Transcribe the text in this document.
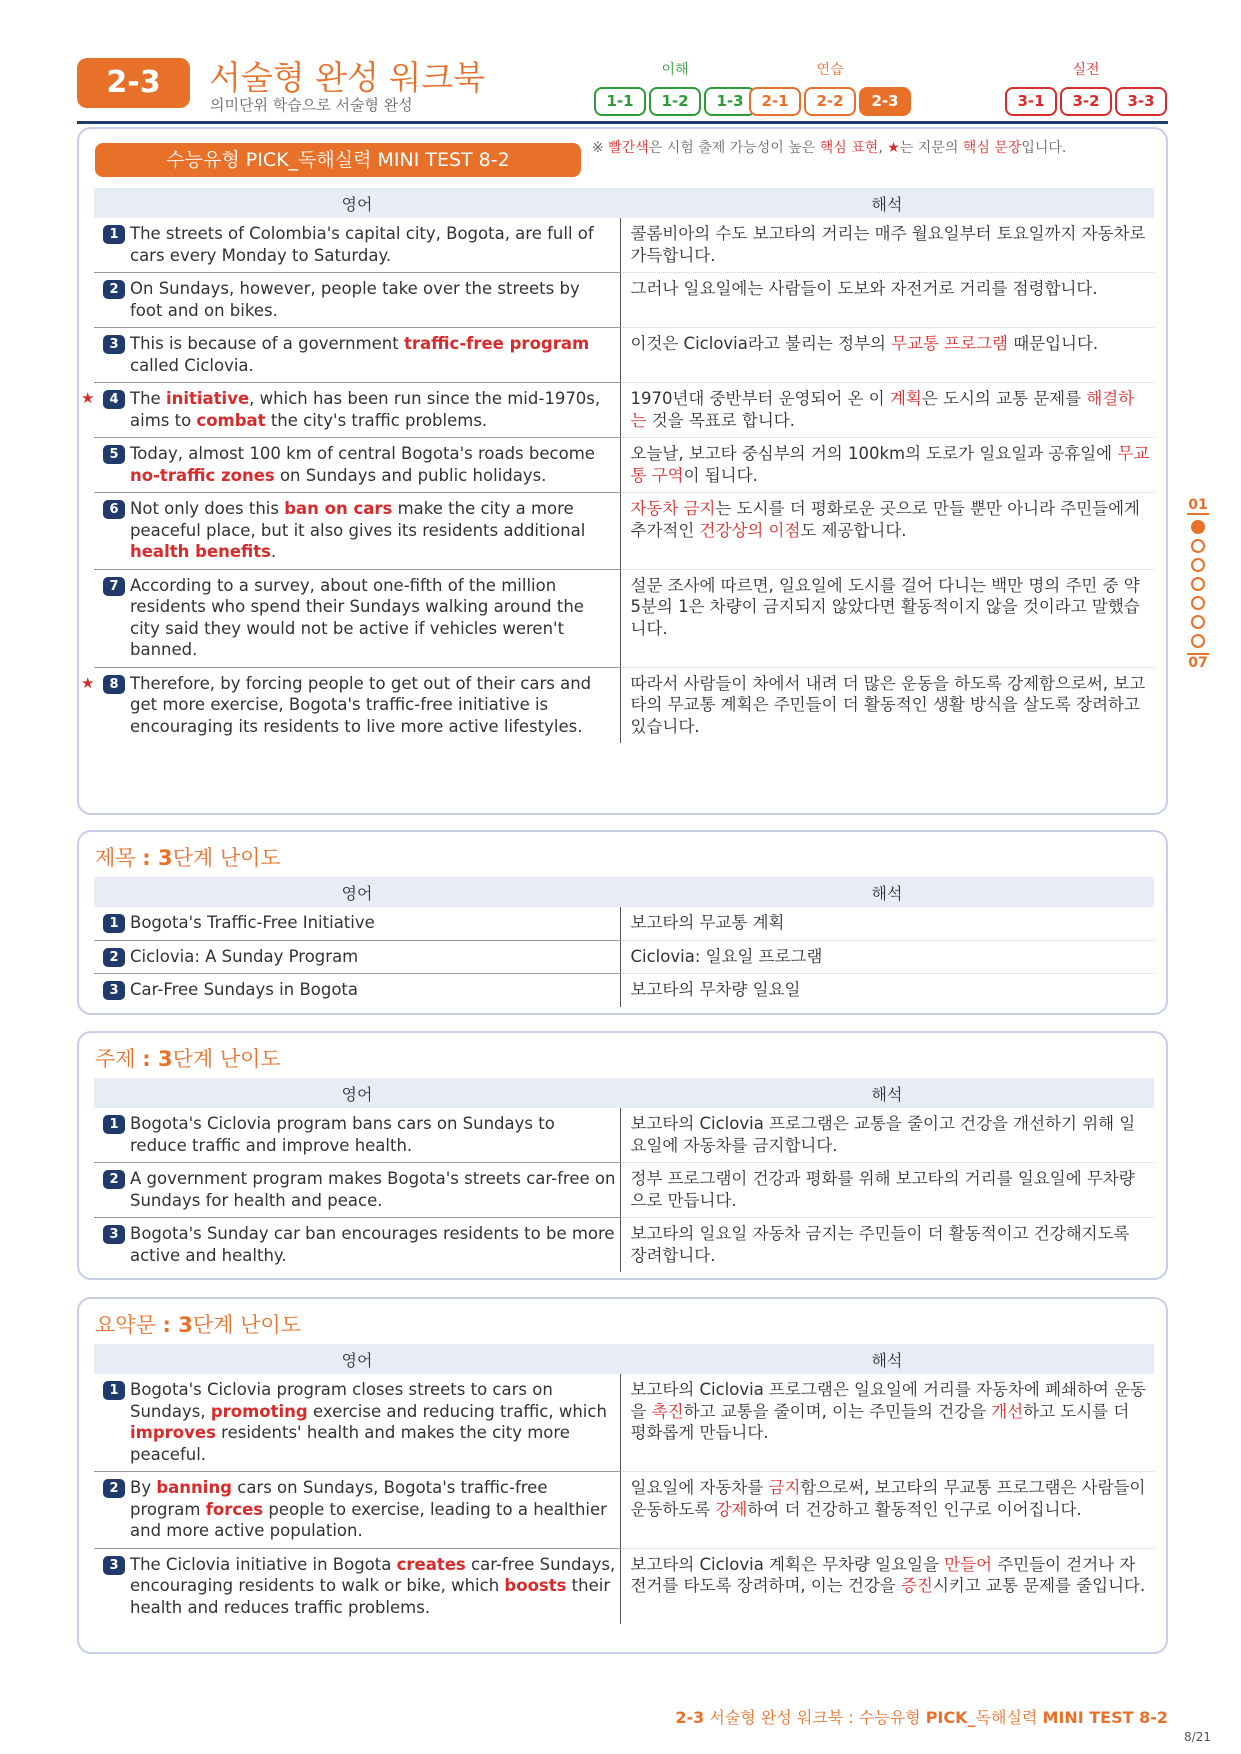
2-3	서술형 완성 워크북
의미단위 학습으로 서술형 완성
이해
1-1	1-2	1-3
연습
2-1	2-2	2-3
실전
3-1	3-2	3-3
수능유형 PICK_독해실력 MINI TEST 8-2
※ 빨간색은 시험 출제 가능성이 높은 핵심 표현, ★는 지문의 핵심 문장입니다.
영어	해석

1 The streets of Colombia's capital city, Bogota, are full of cars every Monday to Saturday.	콜롬비아의 수도 보고타의 거리는 매주 월요일부터 토요일까지 자동차로 가득합니다.

2 On Sundays, however, people take over the streets by foot and on bikes.	그러나 일요일에는 사람들이 도보와 자전거로 거리를 점령합니다.

3 This is because of a government traffic-free program called Ciclovia.	이것은 Ciclovia라고 불리는 정부의 무교통 프로그램 때문입니다.

★ 4 The initiative, which has been run since the mid-1970s, aims to combat the city's traffic problems.	1970년대 중반부터 운영되어 온 이 계획은 도시의 교통 문제를 해결하는 것을 목표로 합니다.

5 Today, almost 100 km of central Bogota's roads become no-traffic zones on Sundays and public holidays.	오늘날, 보고타 중심부의 거의 100km의 도로가 일요일과 공휴일에 무교통 구역이 됩니다.

6 Not only does this ban on cars make the city a more peaceful place, but it also gives its residents additional health benefits.	자동차 금지는 도시를 더 평화로운 곳으로 만들 뿐만 아니라 주민들에게 추가적인 건강상의 이점도 제공합니다.

7 According to a survey, about one-fifth of the million residents who spend their Sundays walking around the city said they would not be active if vehicles weren't banned.	설문 조사에 따르면, 일요일에 도시를 걸어 다니는 백만 명의 주민 중 약 5분의 1은 차량이 금지되지 않았다면 활동적이지 않을 것이라고 말했습니다.

★ 8 Therefore, by forcing people to get out of their cars and get more exercise, Bogota's traffic-free initiative is encouraging its residents to live more active lifestyles.	따라서 사람들이 차에서 내려 더 많은 운동을 하도록 강제함으로써, 보고타의 무교통 계획은 주민들이 더 활동적인 생활 방식을 살도록 장려하고 있습니다.
제목 : 3단계 난이도
영어	해석

1 Bogota's Traffic-Free Initiative	보고타의 무교통 계획

2 Ciclovia: A Sunday Program	Ciclovia: 일요일 프로그램

3 Car-Free Sundays in Bogota	보고타의 무차량 일요일
주제 : 3단계 난이도
영어	해석

1 Bogota's Ciclovia program bans cars on Sundays to reduce traffic and improve health.	보고타의 Ciclovia 프로그램은 교통을 줄이고 건강을 개선하기 위해 일요일에 자동차를 금지합니다.

2 A government program makes Bogota's streets car-free on Sundays for health and peace.	정부 프로그램이 건강과 평화를 위해 보고타의 거리를 일요일에 무차량으로 만듭니다.

3 Bogota's Sunday car ban encourages residents to be more active and healthy.	보고타의 일요일 자동차 금지는 주민들이 더 활동적이고 건강해지도록 장려합니다.
요약문 : 3단계 난이도
영어	해석

1 Bogota's Ciclovia program closes streets to cars on Sundays, promoting exercise and reducing traffic, which improves residents' health and makes the city more peaceful.	보고타의 Ciclovia 프로그램은 일요일에 거리를 자동차에 폐쇄하여 운동을 촉진하고 교통을 줄이며, 이는 주민들의 건강을 개선하고 도시를 더 평화롭게 만듭니다.

2 By banning cars on Sundays, Bogota's traffic-free program forces people to exercise, leading to a healthier and more active population.	일요일에 자동차를 금지함으로써, 보고타의 무교통 프로그램은 사람들이 운동하도록 강제하여 더 건강하고 활동적인 인구로 이어집니다.

3 The Ciclovia initiative in Bogota creates car-free Sundays, encouraging residents to walk or bike, which boosts their health and reduces traffic problems.	보고타의 Ciclovia 계획은 무차량 일요일을 만들어 주민들이 걷거나 자전거를 타도록 장려하며, 이는 건강을 증진시키고 교통 문제를 줄입니다.
01
07
2-3 서술형 완성 워크북 : 수능유형 PICK_독해실력 MINI TEST 8-2
8/21
